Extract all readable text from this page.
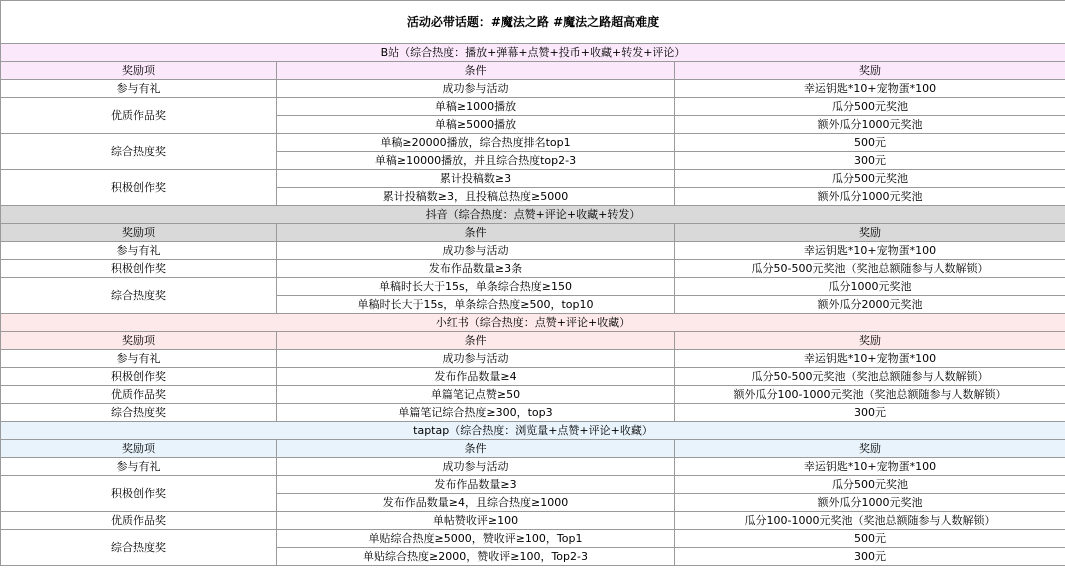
活动必带话题：#魔法之路 #魔法之路超高难度		
B站（综合热度：播放+弹幕+点赞+投币+收藏+转发+评论）		
奖励项	条件	奖励
参与有礼	成功参与活动	幸运钥匙*10+宠物蛋*100
优质作品奖	单稿≥1000播放	瓜分500元奖池
	单稿≥5000播放	额外瓜分1000元奖池
综合热度奖	单稿≥20000播放，综合热度排名top1	500元
	单稿≥10000播放，并且综合热度top2-3	300元
积极创作奖	累计投稿数≥3	瓜分500元奖池
	累计投稿数≥3，且投稿总热度≥5000	额外瓜分1000元奖池
抖音（综合热度：点赞+评论+收藏+转发）		
奖励项	条件	奖励
参与有礼	成功参与活动	幸运钥匙*10+宠物蛋*100
积极创作奖	发布作品数量≥3条	瓜分50-500元奖池（奖池总额随参与人数解锁）
综合热度奖	单稿时长大于15s，单条综合热度≥150	瓜分1000元奖池
	单稿时长大于15s，单条综合热度≥500，top10	额外瓜分2000元奖池
小红书（综合热度：点赞+评论+收藏）		
奖励项	条件	奖励
参与有礼	成功参与活动	幸运钥匙*10+宠物蛋*100
积极创作奖	发布作品数量≥4	瓜分50-500元奖池（奖池总额随参与人数解锁）
优质作品奖	单篇笔记点赞≥50	额外瓜分100-1000元奖池（奖池总额随参与人数解锁）
综合热度奖	单篇笔记综合热度≥300，top3	300元
taptap（综合热度：浏览量+点赞+评论+收藏）		
奖励项	条件	奖励
参与有礼	成功参与活动	幸运钥匙*10+宠物蛋*100
积极创作奖	发布作品数量≥3	瓜分500元奖池
	发布作品数量≥4，且综合热度≥1000	额外瓜分1000元奖池
优质作品奖	单帖赞收评≥100	瓜分100-1000元奖池（奖池总额随参与人数解锁）
综合热度奖	单贴综合热度≥5000，赞收评≥100，Top1	500元
	单贴综合热度≥2000，赞收评≥100，Top2-3	300元
